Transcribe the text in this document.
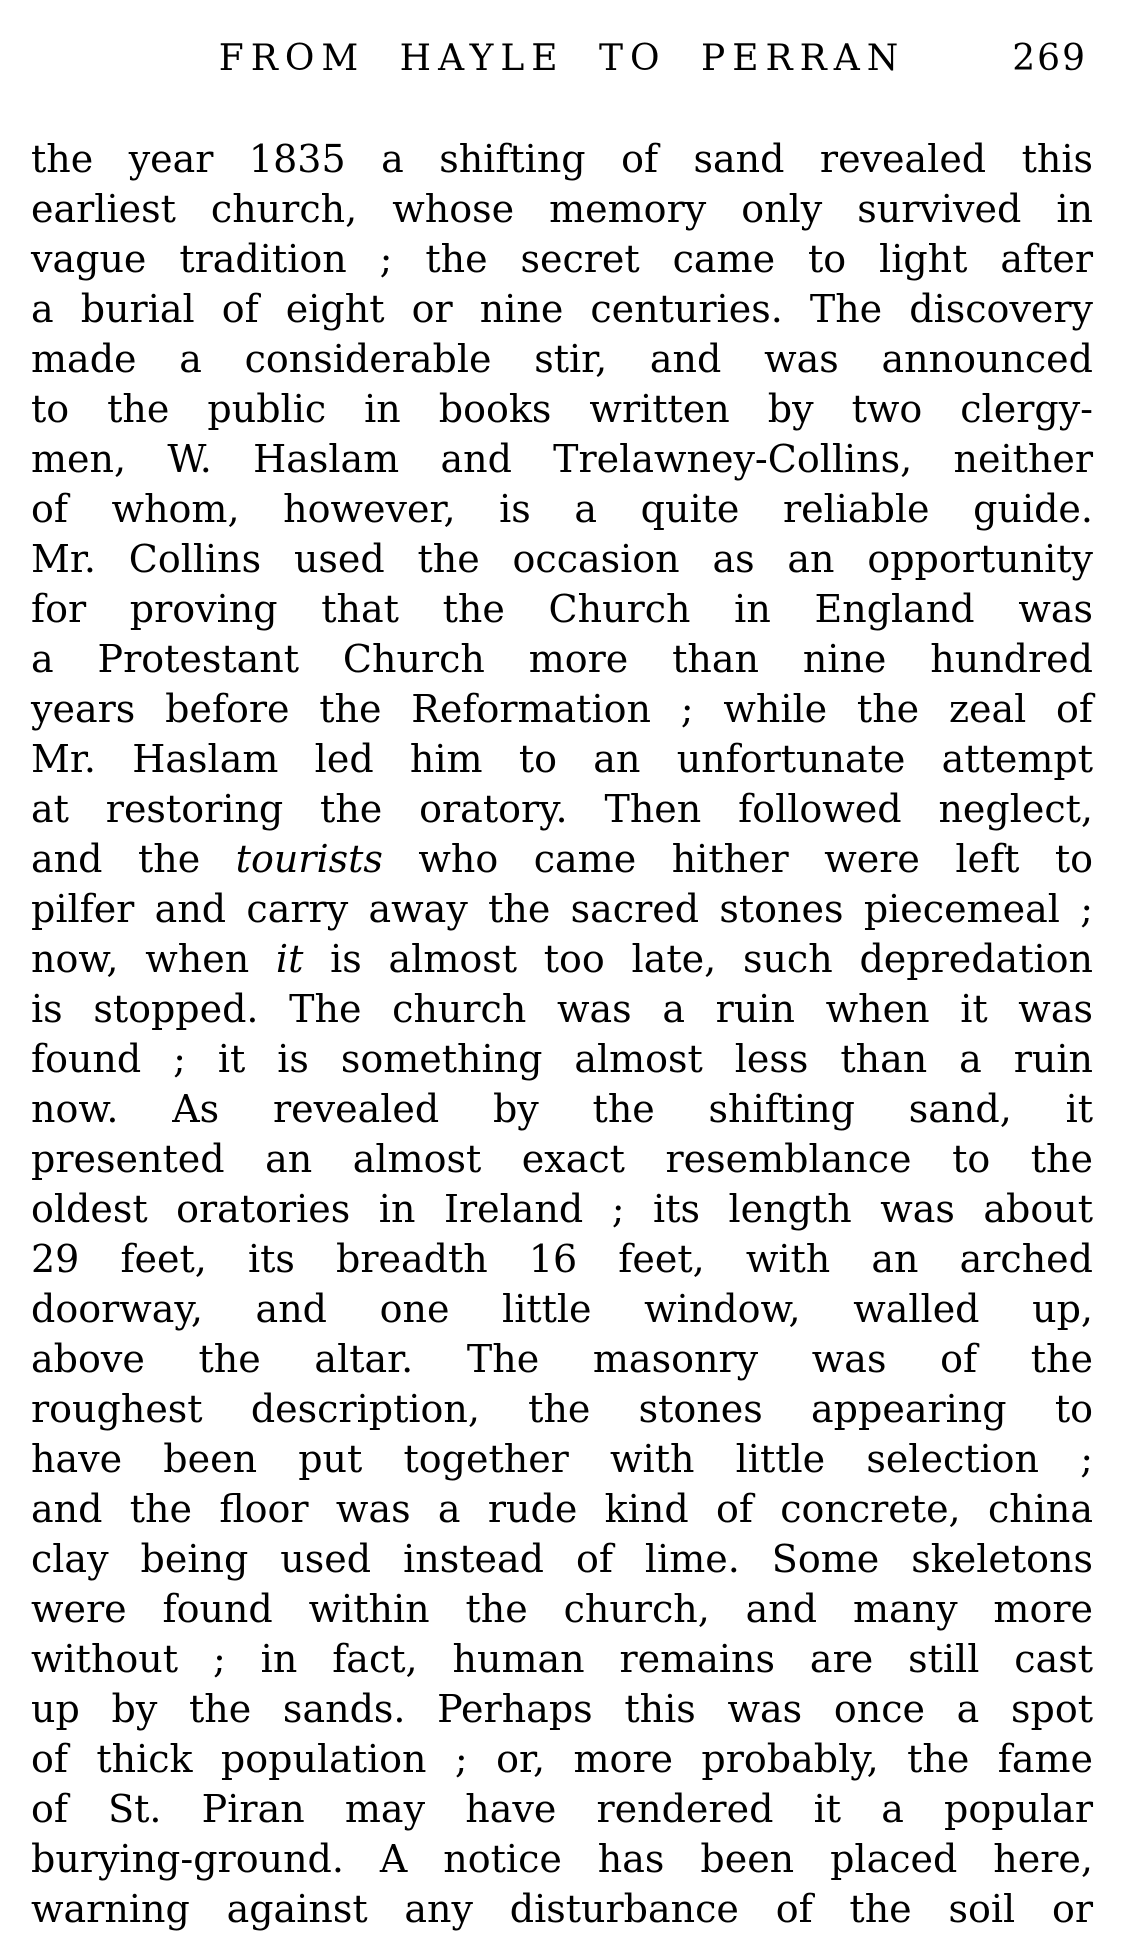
FROM HAYLE TO PERRAN	269
the year 1835 a shifting of sand revealed this
earliest church, whose memory only survived in
vague tradition ; the secret came to light after
a burial of eight or nine centuries. The discovery
made a considerable stir, and was announced
to the public in books written by two clergy-
men, W. Haslam and Trelawney-Collins, neither
of whom, however, is a quite reliable guide.
Mr. Collins used the occasion as an opportunity
for proving that the Church in England was
a Protestant Church more than nine hundred
years before the Reformation ; while the zeal of
Mr. Haslam led him to an unfortunate attempt
at restoring the oratory. Then followed neglect,
and the tourists who came hither were left to
pilfer and carry away the sacred stones piecemeal ;
now, when it is almost too late, such depredation
is stopped. The church was a ruin when it was
found ; it is something almost less than a ruin
now. As revealed by the shifting sand, it
presented an almost exact resemblance to the
oldest oratories in Ireland ; its length was about
29 feet, its breadth 16 feet, with an arched
doorway, and one little window, walled up,
above the altar. The masonry was of the
roughest description, the stones appearing to
have been put together with little selection ;
and the floor was a rude kind of concrete, china
clay being used instead of lime. Some skeletons
were found within the church, and many more
without ; in fact, human remains are still cast
up by the sands. Perhaps this was once a spot
of thick population ; or, more probably, the fame
of St. Piran may have rendered it a popular
burying-ground. A notice has been placed here,
warning against any disturbance of the soil or
